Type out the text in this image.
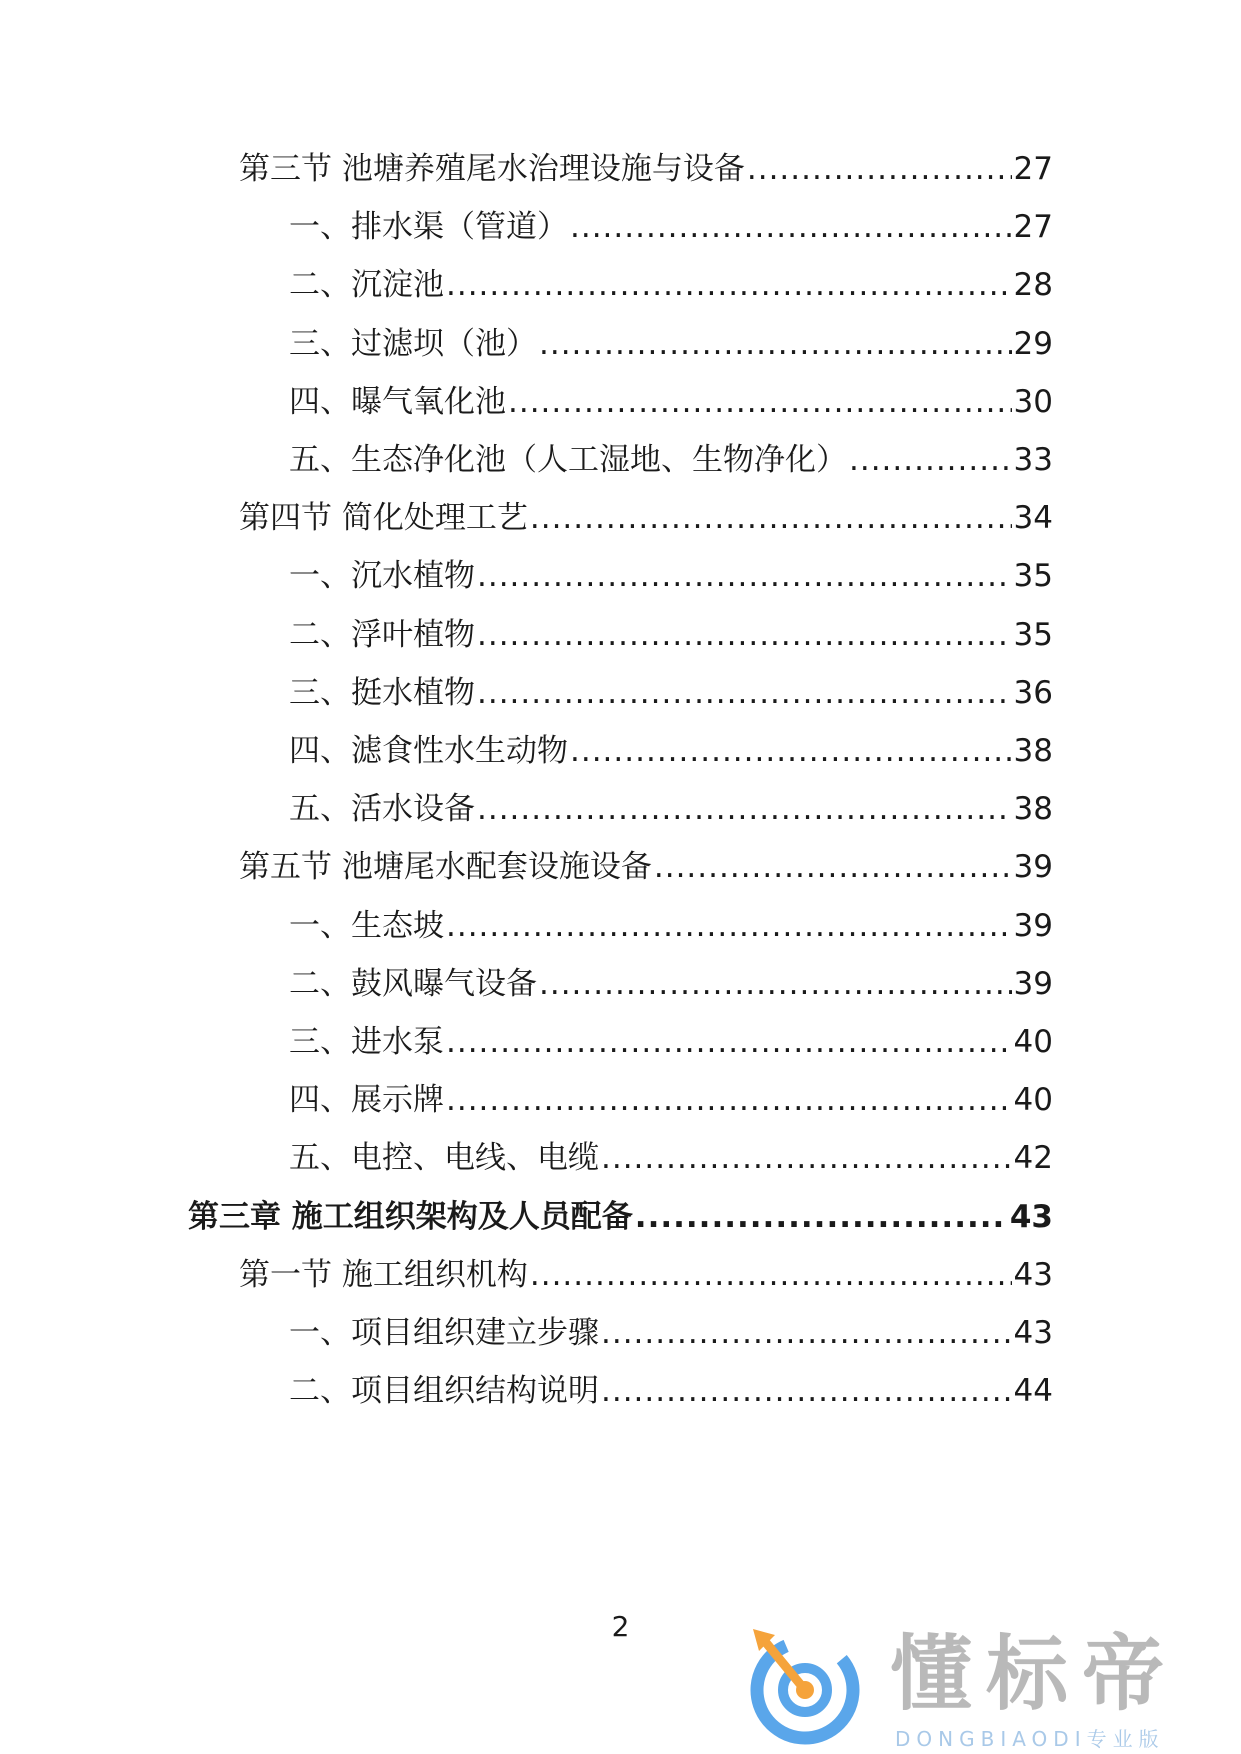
第三节 池塘养殖尾水治理设施与设备 .....	27
一、排水渠（管道） .....	27
二、沉淀池 .....	28
三、过滤坝（池） .....	29
四、曝气氧化池 .....	30
五、生态净化池（人工湿地、生物净化） .....	33
第四节 简化处理工艺 .....	34
一、沉水植物 .....	35
二、浮叶植物 .....	35
三、挺水植物 .....	36
四、滤食性水生动物 .....	38
五、活水设备 .....	38
第五节 池塘尾水配套设施设备 .....	39
一、生态坡 .....	39
二、鼓风曝气设备 .....	39
三、进水泵 .....	40
四、展示牌 .....	40
五、电控、电线、电缆 .....	42
第三章 施工组织架构及人员配备 .....	43
第一节 施工组织机构 .....	43
一、项目组织建立步骤 .....	43
二、项目组织结构说明 .....	44
2
懂标帝
DONGBIAODI专业版
